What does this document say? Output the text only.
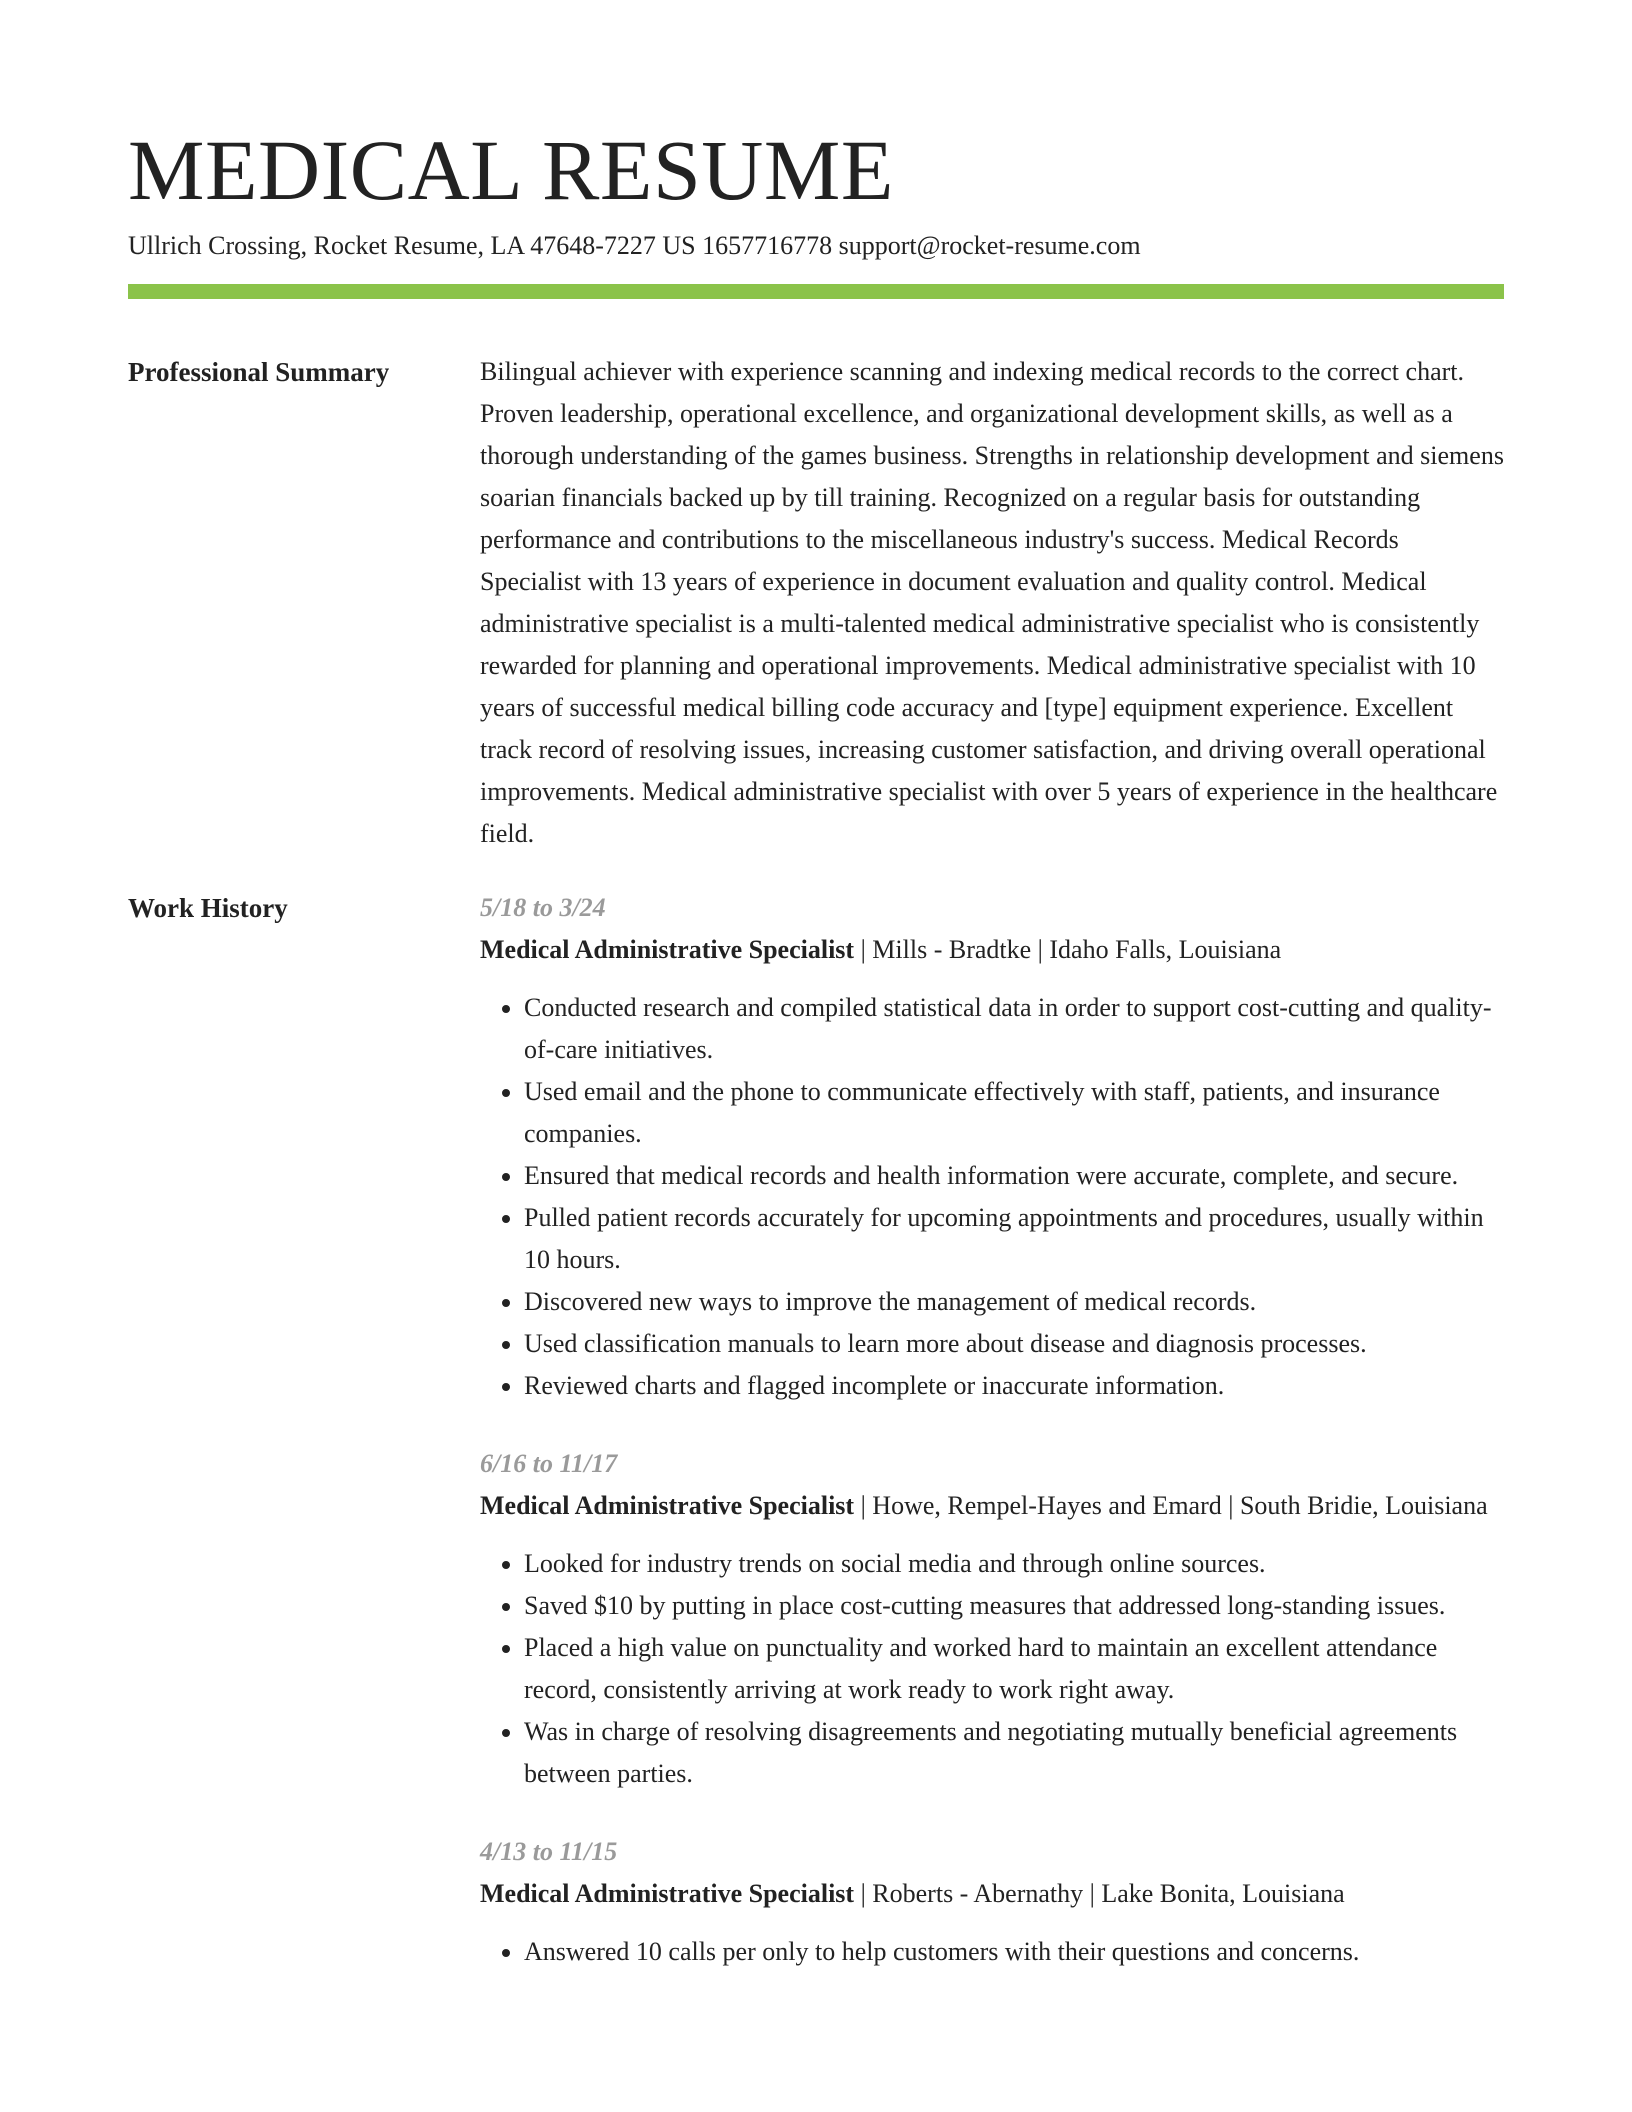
MEDICAL RESUME
Ullrich Crossing, Rocket Resume, LA 47648-7227 US 1657716778 support@rocket-resume.com
Professional Summary	Bilingual achiever with experience scanning and indexing medical records to the correct chart. Proven leadership, operational excellence, and organizational development skills, as well as a thorough understanding of the games business. Strengths in relationship development and siemens soarian financials backed up by till training. Recognized on a regular basis for outstanding performance and contributions to the miscellaneous industry's success. Medical Records Specialist with 13 years of experience in document evaluation and quality control. Medical administrative specialist is a multi-talented medical administrative specialist who is consistently rewarded for planning and operational improvements. Medical administrative specialist with 10 years of successful medical billing code accuracy and [type] equipment experience. Excellent track record of resolving issues, increasing customer satisfaction, and driving overall operational improvements. Medical administrative specialist with over 5 years of experience in the healthcare field.

Work History	5/18 to 3/24
Medical Administrative Specialist | Mills - Bradtke | Idaho Falls, Louisiana
• Conducted research and compiled statistical data in order to support cost-cutting and quality-of-care initiatives.
• Used email and the phone to communicate effectively with staff, patients, and insurance companies.
• Ensured that medical records and health information were accurate, complete, and secure.
• Pulled patient records accurately for upcoming appointments and procedures, usually within 10 hours.
• Discovered new ways to improve the management of medical records.
• Used classification manuals to learn more about disease and diagnosis processes.
• Reviewed charts and flagged incomplete or inaccurate information.
6/16 to 11/17
Medical Administrative Specialist | Howe, Rempel-Hayes and Emard | South Bridie, Louisiana
• Looked for industry trends on social media and through online sources.
• Saved $10 by putting in place cost-cutting measures that addressed long-standing issues.
• Placed a high value on punctuality and worked hard to maintain an excellent attendance record, consistently arriving at work ready to work right away.
• Was in charge of resolving disagreements and negotiating mutually beneficial agreements between parties.
4/13 to 11/15
Medical Administrative Specialist | Roberts - Abernathy | Lake Bonita, Louisiana
• Answered 10 calls per only to help customers with their questions and concerns.
